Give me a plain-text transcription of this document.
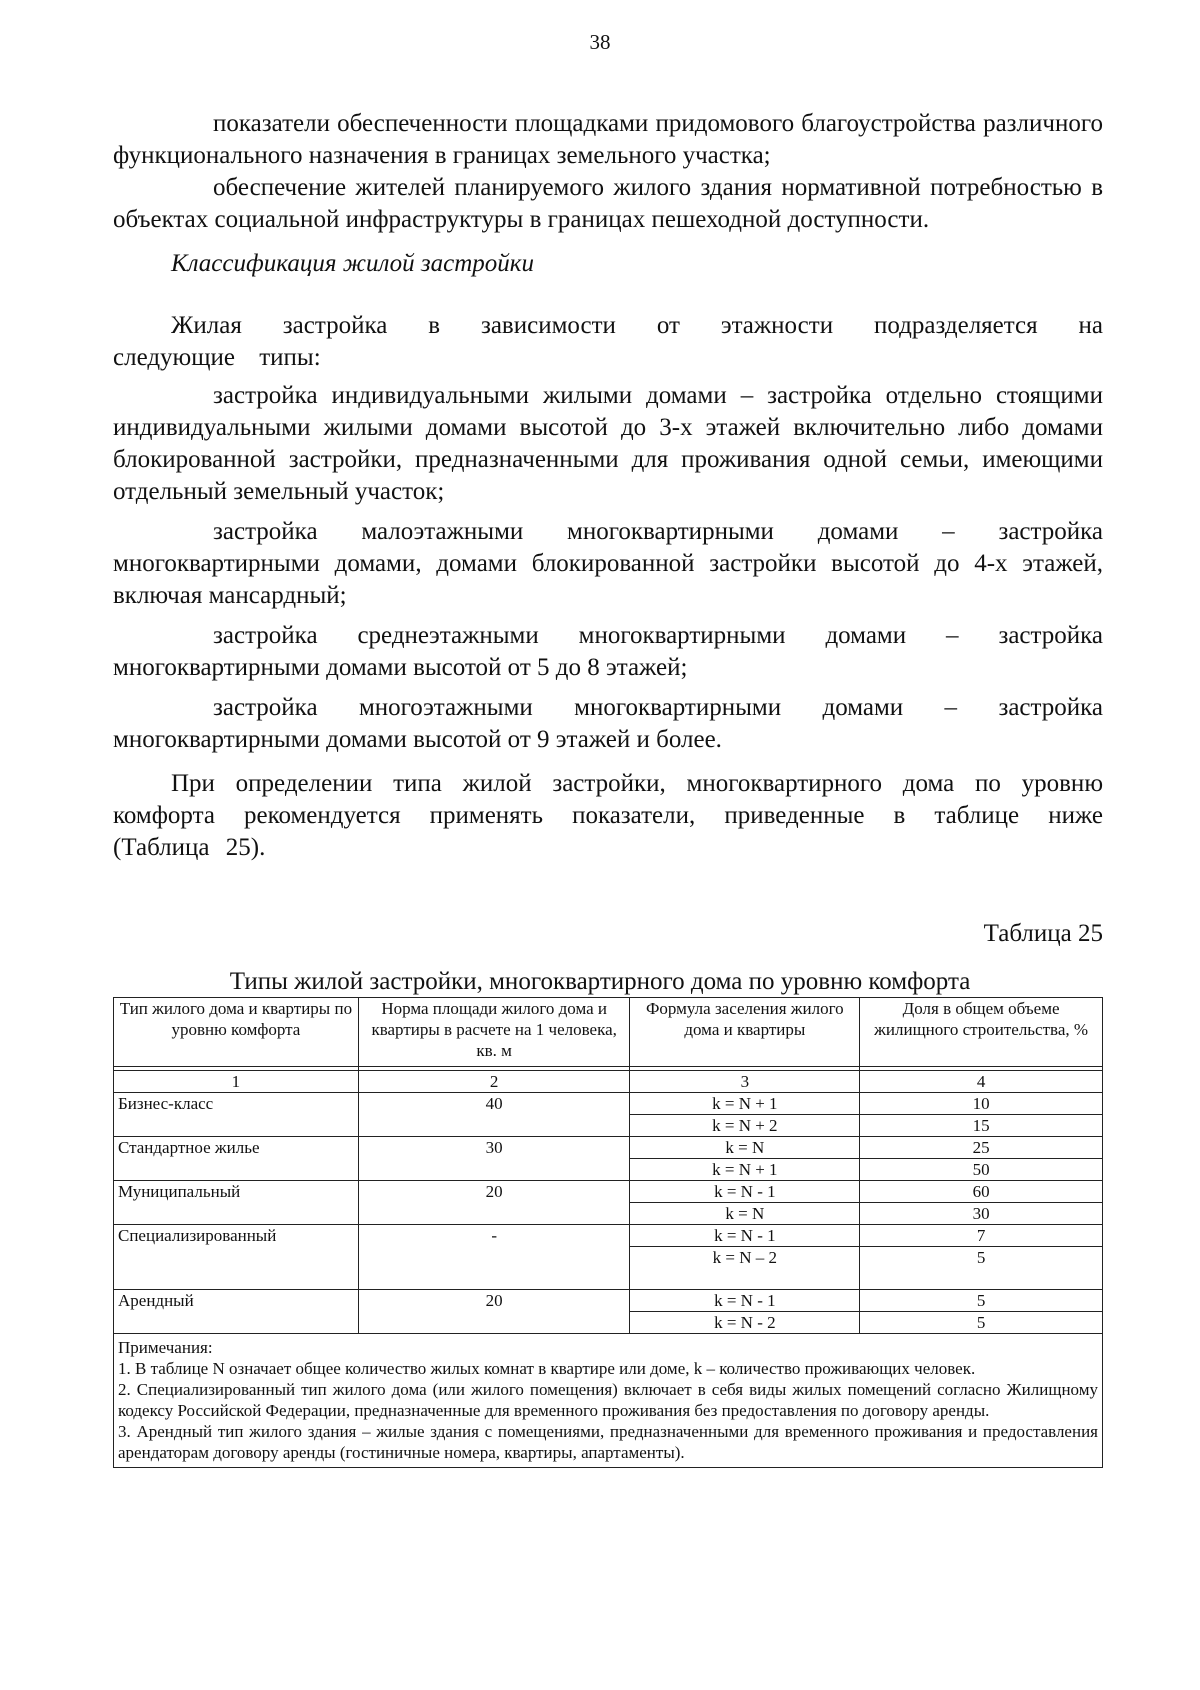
38

показатели обеспеченности площадками придомового благоустройства различного функционального назначения в границах земельного участка;

обеспечение жителей планируемого жилого здания нормативной потребностью в объектах социальной инфраструктуры в границах пешеходной доступности.

Классификация жилой застройки

Жилая застройка в зависимости от этажности подразделяется на следующие типы:

застройка индивидуальными жилыми домами – застройка отдельно стоящими индивидуальными жилыми домами высотой до 3-х этажей включительно либо домами блокированной застройки, предназначенными для проживания одной семьи, имеющими отдельный земельный участок;

застройка малоэтажными многоквартирными домами – застройка многоквартирными домами, домами блокированной застройки высотой до 4-х этажей, включая мансардный;

застройка среднеэтажными многоквартирными домами – застройка многоквартирными домами высотой от 5 до 8 этажей;

застройка многоэтажными многоквартирными домами – застройка многоквартирными домами высотой от 9 этажей и более.

При определении типа жилой застройки, многоквартирного дома по уровню комфорта рекомендуется применять показатели, приведенные в таблице ниже (Таблица 25).

Таблица 25
Типы жилой застройки, многоквартирного дома по уровню комфорта
Тип жилого дома и квартиры по уровню комфорта	Норма площади жилого дома и квартиры в расчете на 1 человека, кв. м	Формула заселения жилого дома и квартиры	Доля в общем объеме жилищного строительства, %

1	2	3	4
Бизнес-класс	40	k = N + 1	10
		k = N + 2	15
Стандартное жилье	30	k = N	25
		k = N + 1	50
Муниципальный	20	k = N - 1	60
		k = N	30
Специализированный	-	k = N - 1	7
		k = N – 2	5
Арендный	20	k = N - 1	5
		k = N - 2	5

Примечания:
1. В таблице N означает общее количество жилых комнат в квартире или доме, k – количество проживающих человек.
2. Специализированный тип жилого дома (или жилого помещения) включает в себя виды жилых помещений согласно Жилищному кодексу Российской Федерации, предназначенные для временного проживания без предоставления по договору аренды.
3. Арендный тип жилого здания – жилые здания с помещениями, предназначенными для временного проживания и предоставления арендаторам договору аренды (гостиничные номера, квартиры, апартаменты).			
